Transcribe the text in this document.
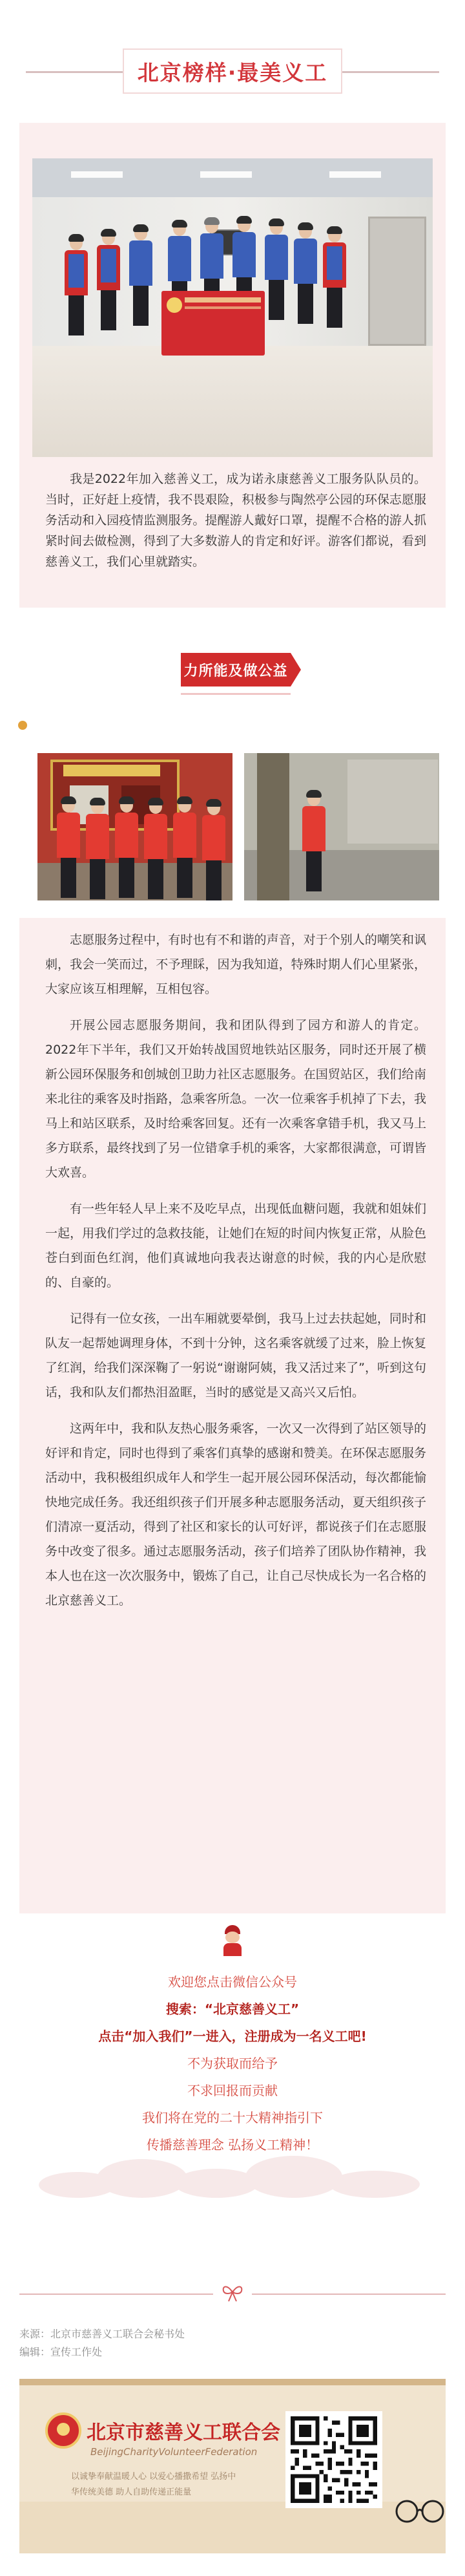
北京榜样·最美义工
我是2022年加入慈善义工，成为诺永康慈善义工服务队队员的。当时，正好赶上疫情，我不畏艰险，积极参与陶然亭公园的环保志愿服务活动和入园疫情监测服务。提醒游人戴好口罩，提醒不合格的游人抓紧时间去做检测，得到了大多数游人的肯定和好评。游客们都说，看到慈善义工，我们心里就踏实。
力所能及做公益

志愿服务过程中，有时也有不和谐的声音，对于个别人的嘲笑和讽刺，我会一笑而过，不予理睬，因为我知道，特殊时期人们心里紧张，大家应该互相理解，互相包容。

开展公园志愿服务期间，我和团队得到了园方和游人的肯定。2022年下半年，我们又开始转战国贸地铁站区服务，同时还开展了横新公园环保服务和创城创卫助力社区志愿服务。在国贸站区，我们给南来北往的乘客及时指路，急乘客所急。一次一位乘客手机掉了下去，我马上和站区联系，及时给乘客回复。还有一次乘客拿错手机，我又马上多方联系，最终找到了另一位错拿手机的乘客，大家都很满意，可谓皆大欢喜。

有一些年轻人早上来不及吃早点，出现低血糖问题，我就和姐妹们一起，用我们学过的急救技能，让她们在短的时间内恢复正常，从脸色苍白到面色红润，他们真诚地向我表达谢意的时候，我的内心是欣慰的、自豪的。

记得有一位女孩，一出车厢就要晕倒，我马上过去扶起她，同时和队友一起帮她调理身体，不到十分钟，这名乘客就缓了过来，脸上恢复了红润，给我们深深鞠了一躬说“谢谢阿姨，我又活过来了”，听到这句话，我和队友们都热泪盈眶，当时的感觉是又高兴又后怕。

这两年中，我和队友热心服务乘客，一次又一次得到了站区领导的好评和肯定，同时也得到了乘客们真挚的感谢和赞美。在环保志愿服务活动中，我积极组织成年人和学生一起开展公园环保活动，每次都能愉快地完成任务。我还组织孩子们开展多种志愿服务活动，夏天组织孩子们清凉一夏活动，得到了社区和家长的认可好评，都说孩子们在志愿服务中改变了很多。通过志愿服务活动，孩子们培养了团队协作精神，我本人也在这一次次服务中，锻炼了自己，让自己尽快成长为一名合格的北京慈善义工。

欢迎您点击微信公众号
搜索：“北京慈善义工”
点击“加入我们”一进入，注册成为一名义工吧!
不为获取而给予
不求回报而贡献
我们将在党的二十大精神指引下
传播慈善理念 弘扬义工精神！
来源：北京市慈善义工联合会秘书处
编辑：宣传工作处
北京市慈善义工联合会
BeijingCharityVolunteerFederation
以诚挚奉献温暖人心 以爱心播撒希望 弘扬中华传统美德 助人自助传递正能量
